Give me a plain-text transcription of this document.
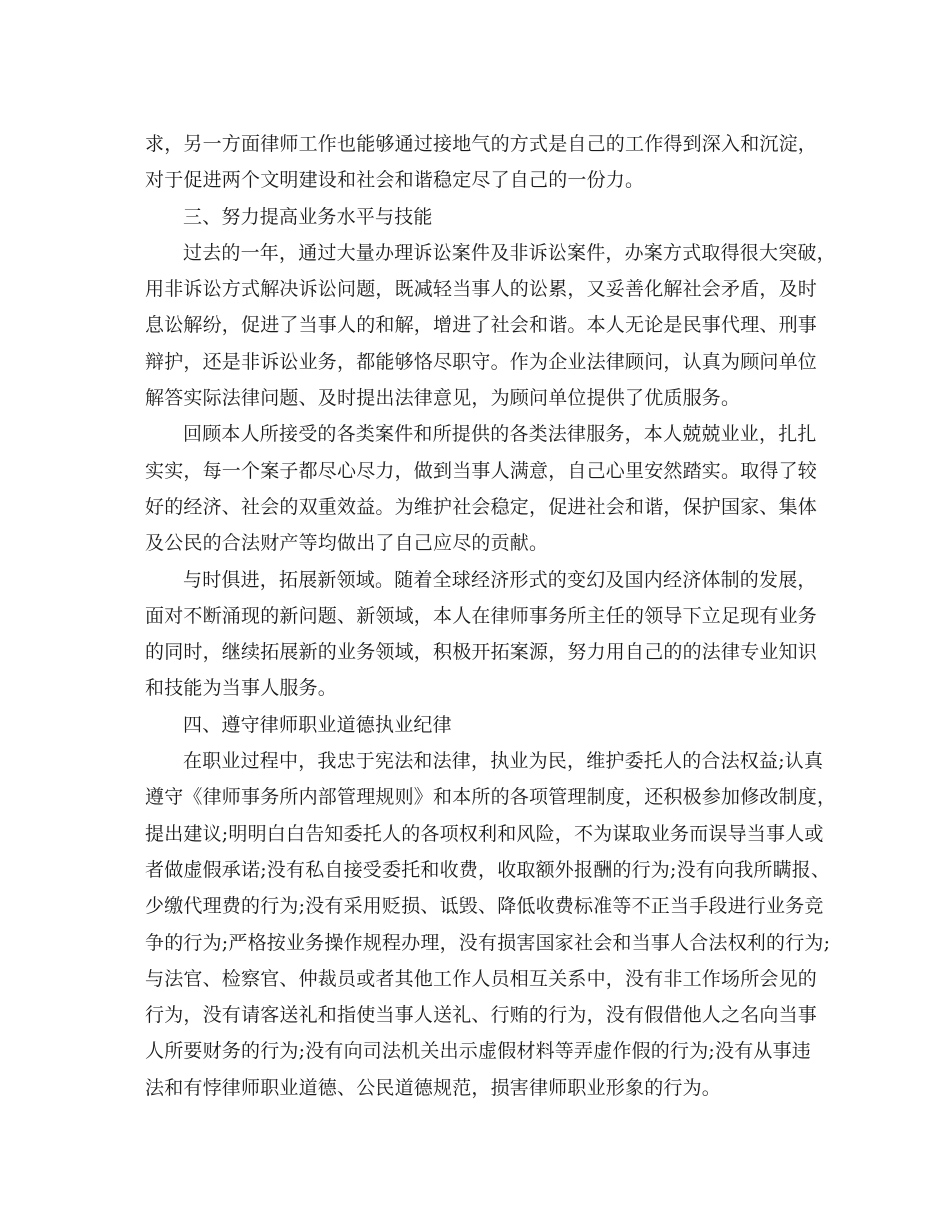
求，另一方面律师工作也能够通过接地气的方式是自己的工作得到深入和沉淀，
对于促进两个文明建设和社会和谐稳定尽了自己的一份力。
三、努力提高业务水平与技能
过去的一年，通过大量办理诉讼案件及非诉讼案件，办案方式取得很大突破，
用非诉讼方式解决诉讼问题，既减轻当事人的讼累，又妥善化解社会矛盾，及时
息讼解纷，促进了当事人的和解，增进了社会和谐。本人无论是民事代理、刑事
辩护，还是非诉讼业务，都能够恪尽职守。作为企业法律顾问，认真为顾问单位
解答实际法律问题、及时提出法律意见，为顾问单位提供了优质服务。
回顾本人所接受的各类案件和所提供的各类法律服务，本人兢兢业业，扎扎
实实，每一个案子都尽心尽力，做到当事人满意，自己心里安然踏实。取得了较
好的经济、社会的双重效益。为维护社会稳定，促进社会和谐，保护国家、集体
及公民的合法财产等均做出了自己应尽的贡献。
与时俱进，拓展新领域。随着全球经济形式的变幻及国内经济体制的发展，
面对不断涌现的新问题、新领域，本人在律师事务所主任的领导下立足现有业务
的同时，继续拓展新的业务领域，积极开拓案源，努力用自己的的法律专业知识
和技能为当事人服务。
四、遵守律师职业道德执业纪律
在职业过程中，我忠于宪法和法律，执业为民，维护委托人的合法权益;认真
遵守《律师事务所内部管理规则》和本所的各项管理制度，还积极参加修改制度，
提出建议;明明白白告知委托人的各项权利和风险，不为谋取业务而误导当事人或
者做虚假承诺;没有私自接受委托和收费，收取额外报酬的行为;没有向我所瞒报、
少缴代理费的行为;没有采用贬损、诋毁、降低收费标准等不正当手段进行业务竞
争的行为;严格按业务操作规程办理，没有损害国家社会和当事人合法权利的行为;
与法官、检察官、仲裁员或者其他工作人员相互关系中，没有非工作场所会见的
行为，没有请客送礼和指使当事人送礼、行贿的行为，没有假借他人之名向当事
人所要财务的行为;没有向司法机关出示虚假材料等弄虚作假的行为;没有从事违
法和有悖律师职业道德、公民道德规范，损害律师职业形象的行为。
